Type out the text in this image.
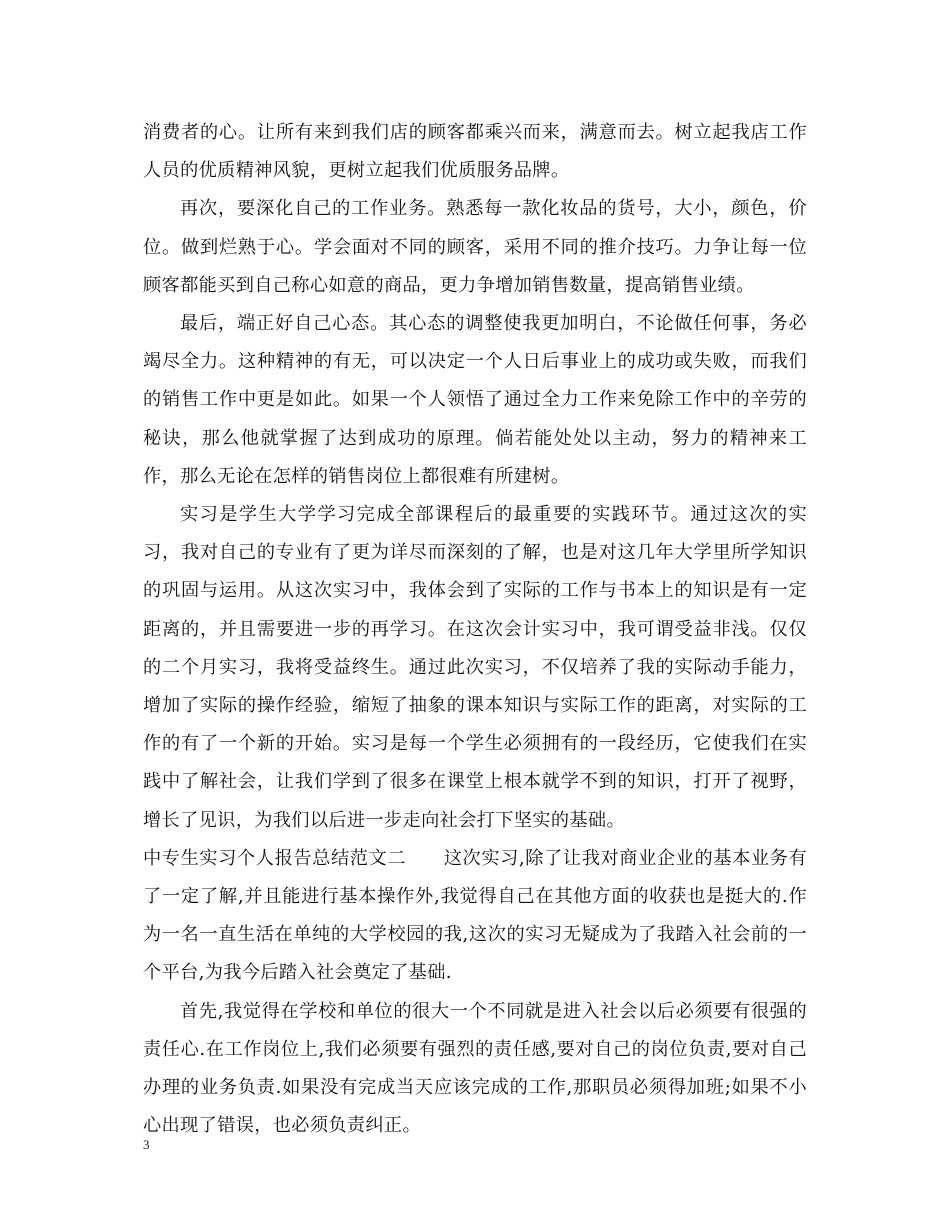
消费者的心。让所有来到我们店的顾客都乘兴而来，满意而去。树立起我店工作人员的优质精神风貌，更树立起我们优质服务品牌。

再次，要深化自己的工作业务。熟悉每一款化妆品的货号，大小，颜色，价位。做到烂熟于心。学会面对不同的顾客，采用不同的推介技巧。力争让每一位顾客都能买到自己称心如意的商品，更力争增加销售数量，提高销售业绩。

最后，端正好自己心态。其心态的调整使我更加明白，不论做任何事，务必竭尽全力。这种精神的有无，可以决定一个人日后事业上的成功或失败，而我们的销售工作中更是如此。如果一个人领悟了通过全力工作来免除工作中的辛劳的秘诀，那么他就掌握了达到成功的原理。倘若能处处以主动，努力的精神来工作，那么无论在怎样的销售岗位上都很难有所建树。

实习是学生大学学习完成全部课程后的最重要的实践环节。通过这次的实习，我对自己的专业有了更为详尽而深刻的了解，也是对这几年大学里所学知识的巩固与运用。从这次实习中，我体会到了实际的工作与书本上的知识是有一定距离的，并且需要进一步的再学习。在这次会计实习中，我可谓受益非浅。仅仅的二个月实习，我将受益终生。通过此次实习，不仅培养了我的实际动手能力，增加了实际的操作经验，缩短了抽象的课本知识与实际工作的距离，对实际的工作的有了一个新的开始。实习是每一个学生必须拥有的一段经历，它使我们在实践中了解社会，让我们学到了很多在课堂上根本就学不到的知识，打开了视野，增长了见识，为我们以后进一步走向社会打下坚实的基础。

中专生实习个人报告总结范文二　　这次实习,除了让我对商业企业的基本业务有了一定了解,并且能进行基本操作外,我觉得自己在其他方面的收获也是挺大的.作为一名一直生活在单纯的大学校园的我,这次的实习无疑成为了我踏入社会前的一个平台,为我今后踏入社会奠定了基础.

首先,我觉得在学校和单位的很大一个不同就是进入社会以后必须要有很强的责任心.在工作岗位上,我们必须要有强烈的责任感,要对自己的岗位负责,要对自己办理的业务负责.如果没有完成当天应该完成的工作,那职员必须得加班;如果不小心出现了错误，也必须负责纠正。

3
